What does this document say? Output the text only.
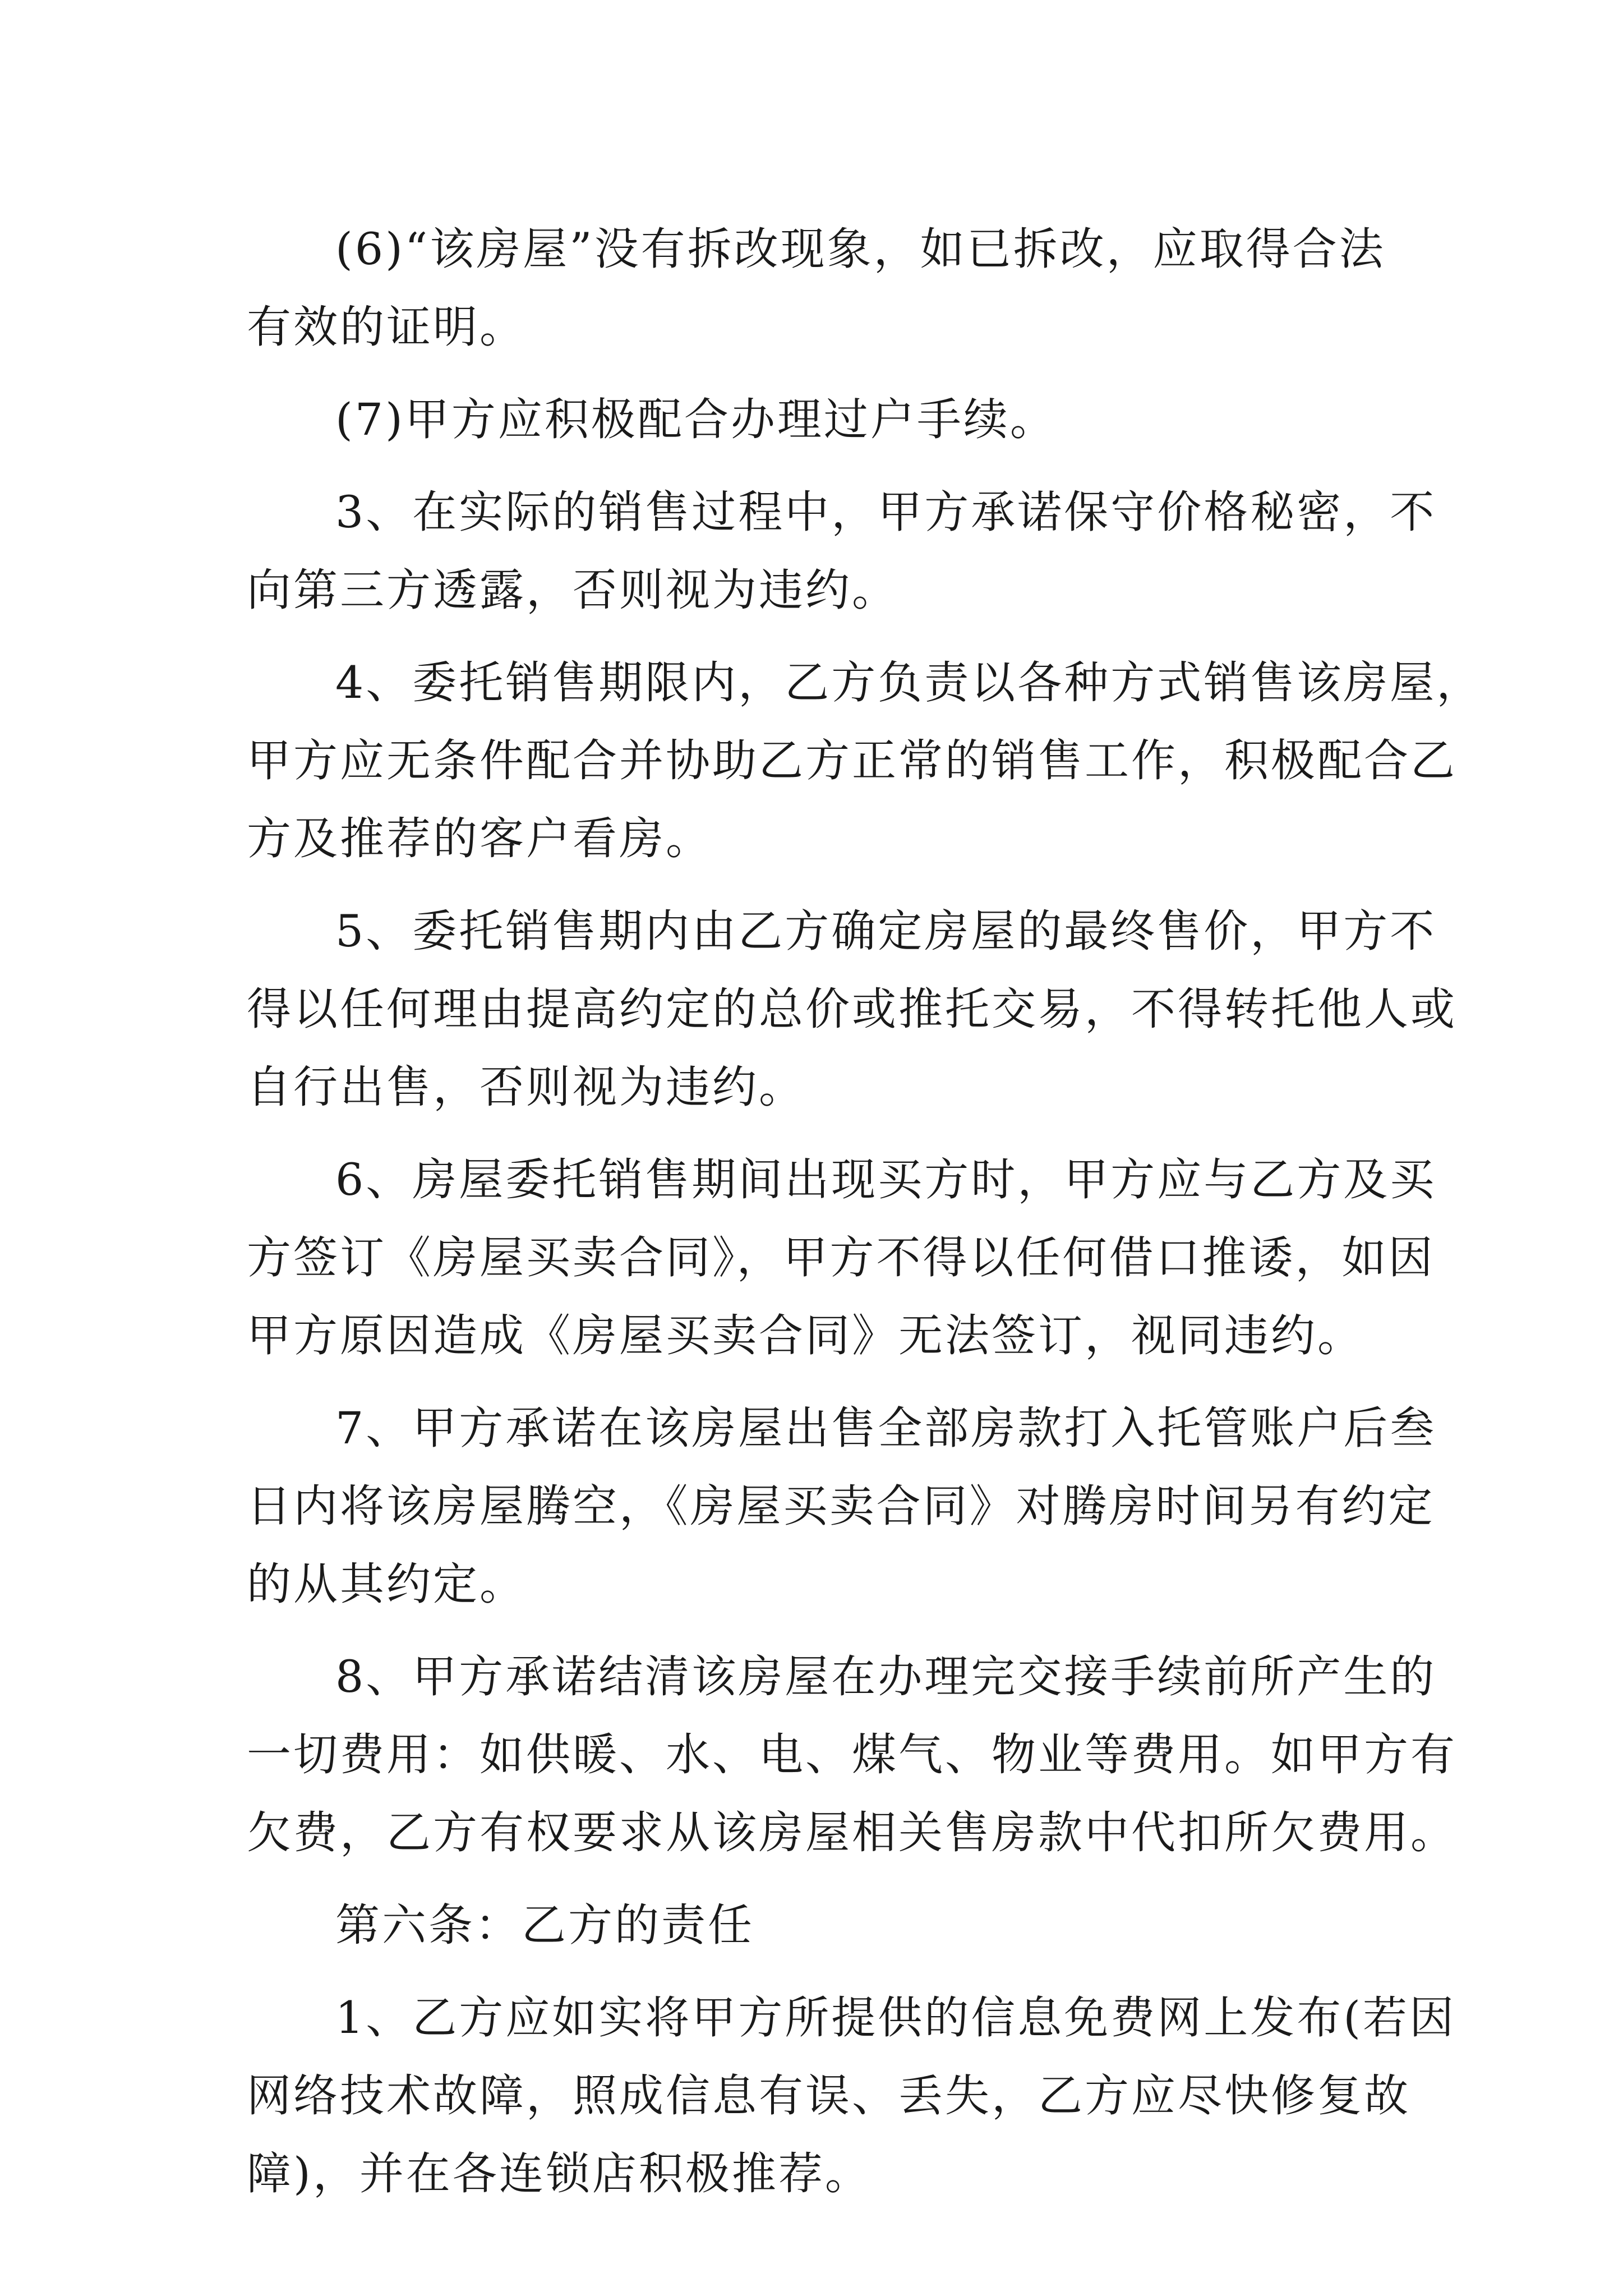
(6)“该房屋”没有拆改现象，如已拆改，应取得合法
有效的证明。
(7)甲方应积极配合办理过户手续。
3、在实际的销售过程中，甲方承诺保守价格秘密，不
向第三方透露，否则视为违约。
4、委托销售期限内，乙方负责以各种方式销售该房屋，
甲方应无条件配合并协助乙方正常的销售工作，积极配合乙
方及推荐的客户看房。
5、委托销售期内由乙方确定房屋的最终售价，甲方不
得以任何理由提高约定的总价或推托交易，不得转托他人或
自行出售，否则视为违约。
6、房屋委托销售期间出现买方时，甲方应与乙方及买
方签订《房屋买卖合同》，甲方不得以任何借口推诿，如因
甲方原因造成《房屋买卖合同》无法签订，视同违约。
7、甲方承诺在该房屋出售全部房款打入托管账户后叁
日内将该房屋腾空，《房屋买卖合同》对腾房时间另有约定
的从其约定。
8、甲方承诺结清该房屋在办理完交接手续前所产生的
一切费用：如供暖、水、电、煤气、物业等费用。如甲方有
欠费，乙方有权要求从该房屋相关售房款中代扣所欠费用。
第六条：乙方的责任
1、乙方应如实将甲方所提供的信息免费网上发布(若因
网络技术故障，照成信息有误、丢失，乙方应尽快修复故
障)，并在各连锁店积极推荐。
